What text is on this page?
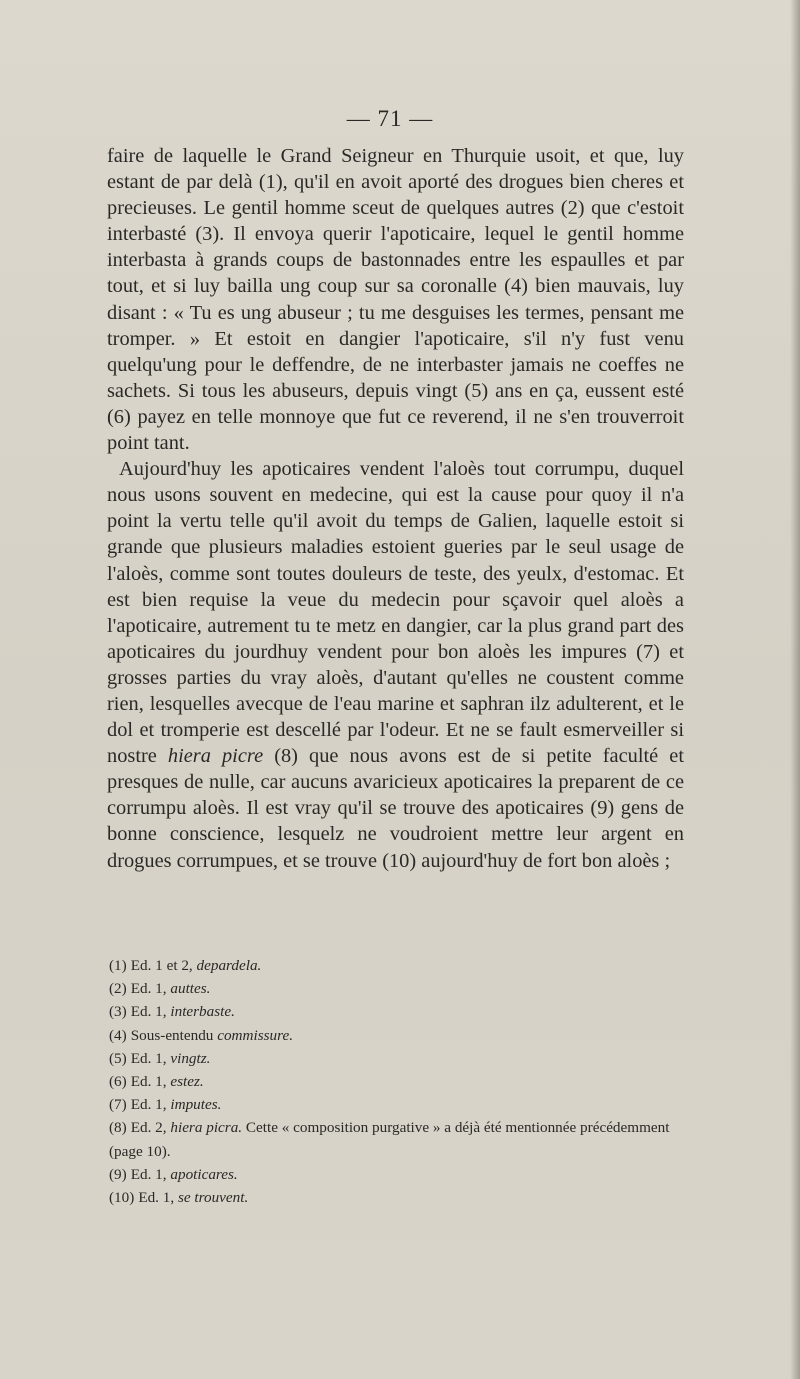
— 71 —

faire de laquelle le Grand Seigneur en Thurquie usoit, et que, luy estant de par delà (1), qu'il en avoit aporté des drogues bien cheres et precieuses. Le gentil homme sceut de quelques autres (2) que c'estoit interbasté (3). Il envoya querir l'apoticaire, lequel le gentil homme interbasta à grands coups de bastonnades entre les espaulles et par tout, et si luy bailla ung coup sur sa coronalle (4) bien mauvais, luy disant : « Tu es ung abuseur ; tu me desguises les termes, pensant me tromper. » Et estoit en dangier l'apoticaire, s'il n'y fust venu quelqu'ung pour le deffendre, de ne interbaster jamais ne coeffes ne sachets. Si tous les abuseurs, depuis vingt (5) ans en ça, eussent esté (6) payez en telle monnoye que fut ce reverend, il ne s'en trouverroit point tant.

Aujourd'huy les apoticaires vendent l'aloès tout corrumpu, duquel nous usons souvent en medecine, qui est la cause pour quoy il n'a point la vertu telle qu'il avoit du temps de Galien, laquelle estoit si grande que plusieurs maladies estoient gueries par le seul usage de l'aloès, comme sont toutes douleurs de teste, des yeulx, d'estomac. Et est bien requise la veue du medecin pour sçavoir quel aloès a l'apoticaire, autrement tu te metz en dangier, car la plus grand part des apoticaires du jourdhuy vendent pour bon aloès les impures (7) et grosses parties du vray aloès, d'autant qu'elles ne coustent comme rien, lesquelles avecque de l'eau marine et saphran ilz adulterent, et le dol et tromperie est descellé par l'odeur. Et ne se fault esmerveiller si nostre hiera picre (8) que nous avons est de si petite faculté et presques de nulle, car aucuns avaricieux apoticaires la preparent de ce corrumpu aloès. Il est vray qu'il se trouve des apoticaires (9) gens de bonne conscience, lesquelz ne voudroient mettre leur argent en drogues corrumpues, et se trouve (10) aujourd'huy de fort bon aloès ;

(1) Ed. 1 et 2, depardela.
(2) Ed. 1, auttes.
(3) Ed. 1, interbaste.
(4) Sous-entendu commissure.
(5) Ed. 1, vingtz.
(6) Ed. 1, estez.
(7) Ed. 1, imputes.
(8) Ed. 2, hiera picra. Cette « composition purgative » a déjà été mentionnée précédemment (page 10).
(9) Ed. 1, apoticares.
(10) Ed. 1, se trouvent.
